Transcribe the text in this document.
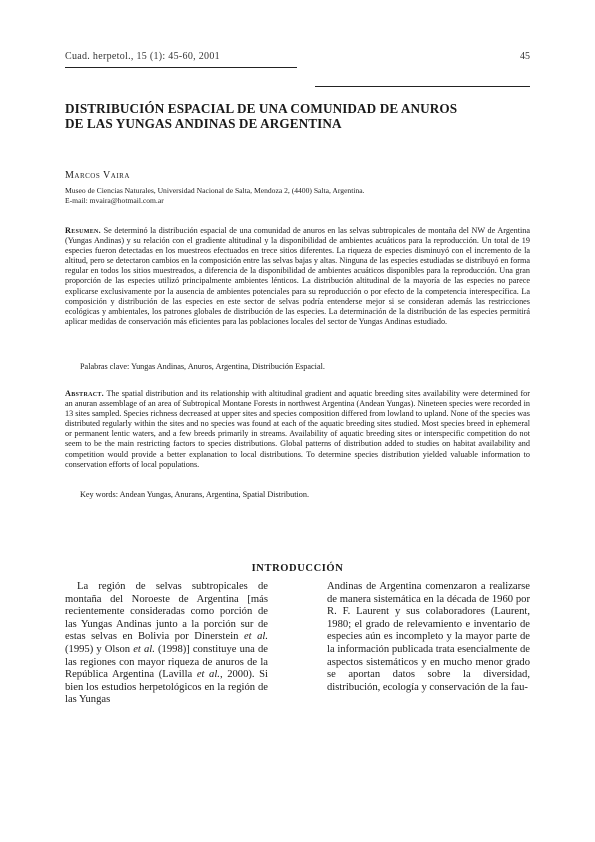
Cuad. herpetol., 15 (1): 45-60, 2001	45
DISTRIBUCIÓN ESPACIAL DE UNA COMUNIDAD DE ANUROS
DE LAS YUNGAS ANDINAS DE ARGENTINA
Marcos Vaira
Museo de Ciencias Naturales, Universidad Nacional de Salta, Mendoza 2, (4400) Salta, Argentina.
E-mail: mvaira@hotmail.com.ar
Resumen. Se determinó la distribución espacial de una comunidad de anuros en las selvas subtropicales de montaña del NW de Argentina (Yungas Andinas) y su relación con el gradiente altitudinal y la disponibilidad de ambientes acuáticos para la reproducción. Un total de 19 especies fueron detectadas en los muestreos efectuados en trece sitios diferentes. La riqueza de especies disminuyó con el incremento de la altitud, pero se detectaron cambios en la composición entre las selvas bajas y altas. Ninguna de las especies estudiadas se distribuyó en forma regular en todos los sitios muestreados, a diferencia de la disponibilidad de ambientes acuáticos disponibles para la reproducción. Una gran proporción de las especies utilizó principalmente ambientes lénticos. La distribución altitudinal de la mayoría de las especies no parece explicarse exclusivamente por la ausencia de ambientes potenciales para su reproducción o por efecto de la competencia interespecífica. La composición y distribución de las especies en este sector de selvas podría entenderse mejor si se consideran además las restricciones ecológicas y ambientales, los patrones globales de distribución de las especies. La determinación de la distribución de las especies permitirá aplicar medidas de conservación más eficientes para las poblaciones locales del sector de Yungas Andinas estudiado.
Palabras clave: Yungas Andinas, Anuros, Argentina, Distribución Espacial.
Abstract. The spatial distribution and its relationship with altitudinal gradient and aquatic breeding sites availability were determined for an anuran assemblage of an area of Subtropical Montane Forests in northwest Argentina (Andean Yungas). Nineteen species were recorded in 13 sites sampled. Species richness decreased at upper sites and species composition differed from lowland to upland. None of the species was distributed regularly within the sites and no species was found at each of the aquatic breeding sites studied. Most species breed in ephemeral or permanent lentic waters, and a few breeds primarily in streams. Availability of aquatic breeding sites or interspecific competition do not seem to be the main restricting factors to species distributions. Global patterns of distribution added to studies on habitat availability and competition would provide a better explanation to local distributions. To determine species distribution yielded valuable information to conservation efforts of local populations.
Key words: Andean Yungas, Anurans, Argentina, Spatial Distribution.
INTRODUCCIÓN

La región de selvas subtropicales de montaña del Noroeste de Argentina [más recientemente consideradas como porción de las Yungas Andinas junto a la porción sur de estas selvas en Bolivia por Dinerstein et al. (1995) y Olson et al. (1998)] constituye una de las regiones con mayor riqueza de anuros de la República Argentina (Lavilla et al., 2000). Si bien los estudios herpetológicos en la región de las Yungas

Andinas de Argentina comenzaron a realizarse de manera sistemática en la década de 1960 por R. F. Laurent y sus colaboradores (Laurent, 1980; el grado de relevamiento e inventario de especies aún es incompleto y la mayor parte de la información publicada trata esencialmente de aspectos sistemáticos y en mucho menor grado se aportan datos sobre la diversidad, distribución, ecología y conservación de la fau-
